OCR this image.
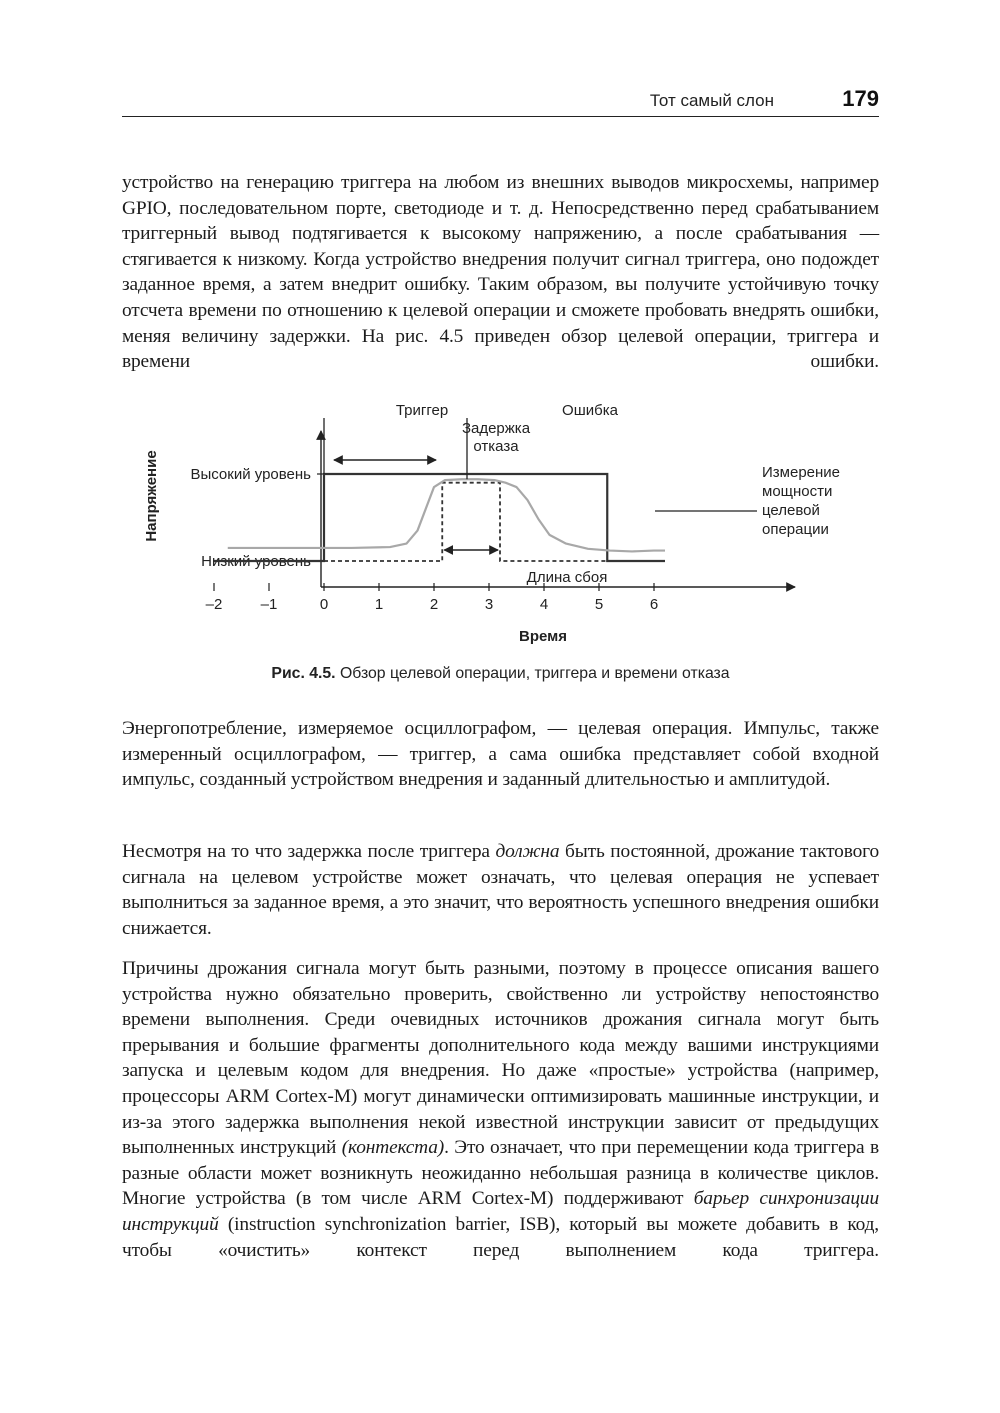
Тот самый слон	179

устройство на генерацию триггера на любом из внешних выводов микросхемы, например GPIO, последовательном порте, светодиоде и т. д. Непосредственно перед срабатыванием триггерный вывод подтягивается к высокому напряжению, а после срабатывания — стягивается к низкому. Когда устройство внедрения получит сигнал триггера, оно подождет заданное время, а затем внедрит ошибку. Таким образом, вы получите устойчивую точку отсчета времени по отношению к целевой операции и сможете пробовать внедрять ошибки, меняя величину задержки. На рис. 4.5 приведен обзор целевой операции, триггера и времени ошибки.

–2	–1	0	1	2	3	4	5	6
Время
Высокий уровень
Низкий уровень
Напряжение
Триггер	Ошибка
Задержка
отказа
Длина сбоя
Измерение
мощности
целевой
операции
Рис. 4.5. Обзор целевой операции, триггера и времени отказа

Энергопотребление, измеряемое осциллографом, — целевая операция. Импульс, также измеренный осциллографом, — триггер, а сама ошибка представляет собой входной импульс, созданный устройством внедрения и заданный длительностью и амплитудой.

Несмотря на то что задержка после триггера должна быть постоянной, дрожание тактового сигнала на целевом устройстве может означать, что целевая операция не успевает выполниться за заданное время, а это значит, что вероятность успешного внедрения ошибки снижается.

Причины дрожания сигнала могут быть разными, поэтому в процессе описания вашего устройства нужно обязательно проверить, свойственно ли устройству непостоянство времени выполнения. Среди очевидных источников дрожания сигнала могут быть прерывания и большие фрагменты дополнительного кода между вашими инструкциями запуска и целевым кодом для внедрения. Но даже «простые» устройства (например, процессоры ARM Cortex-M) могут динамически оптимизировать машинные инструкции, и из-за этого задержка выполнения некой известной инструкции зависит от предыдущих выполненных инструкций (контекста). Это означает, что при перемещении кода триггера в разные области может возникнуть неожиданно небольшая разница в количестве циклов. Многие устройства (в том числе ARM Cortex-M) поддерживают барьер синхронизации инструкций (instruction synchronization barrier, ISB), который вы можете добавить в код, чтобы «очистить» контекст перед выполнением кода триггера.
